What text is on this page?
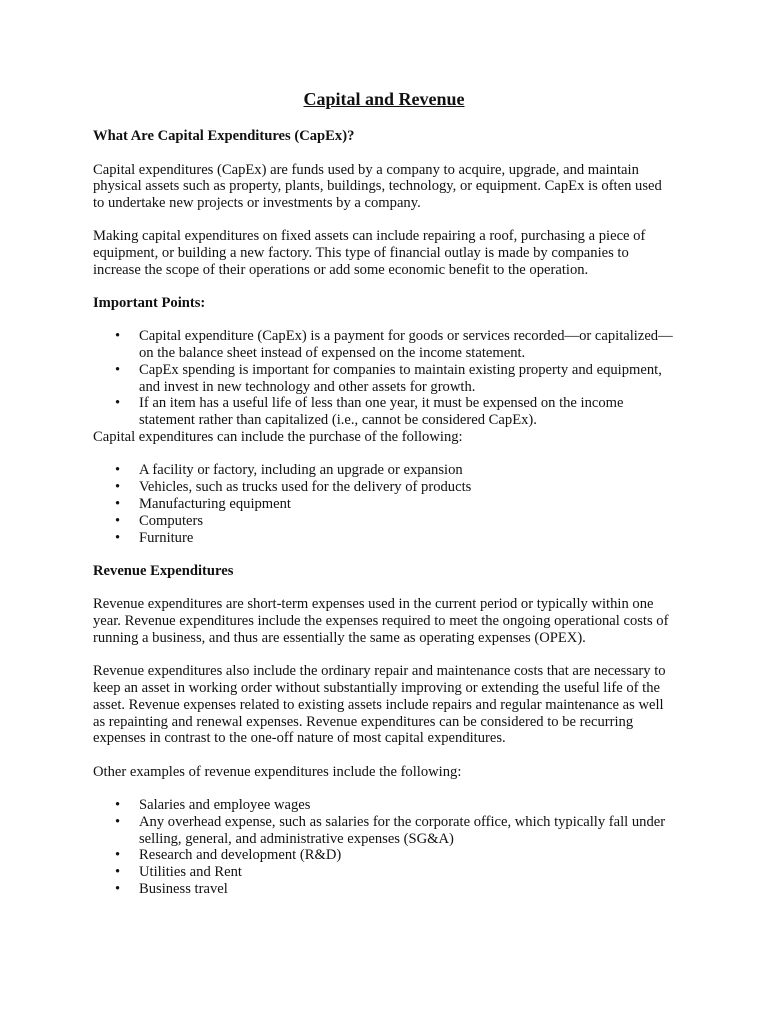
Capital and Revenue
What Are Capital Expenditures (CapEx)?

Capital expenditures (CapEx) are funds used by a company to acquire, upgrade, and maintain physical assets such as property, plants, buildings, technology, or equipment. CapEx is often used to undertake new projects or investments by a company.

Making capital expenditures on fixed assets can include repairing a roof, purchasing a piece of equipment, or building a new factory. This type of financial outlay is made by companies to increase the scope of their operations or add some economic benefit to the operation.

Important Points:
• Capital expenditure (CapEx) is a payment for goods or services recorded—or capitalized—on the balance sheet instead of expensed on the income statement.
• CapEx spending is important for companies to maintain existing property and equipment, and invest in new technology and other assets for growth.
• If an item has a useful life of less than one year, it must be expensed on the income statement rather than capitalized (i.e., cannot be considered CapEx).

Capital expenditures can include the purchase of the following:

• A facility or factory, including an upgrade or expansion
• Vehicles, such as trucks used for the delivery of products
• Manufacturing equipment
• Computers
• Furniture
Revenue Expenditures

Revenue expenditures are short-term expenses used in the current period or typically within one year. Revenue expenditures include the expenses required to meet the ongoing operational costs of running a business, and thus are essentially the same as operating expenses (OPEX).

Revenue expenditures also include the ordinary repair and maintenance costs that are necessary to keep an asset in working order without substantially improving or extending the useful life of the asset. Revenue expenses related to existing assets include repairs and regular maintenance as well as repainting and renewal expenses. Revenue expenditures can be considered to be recurring expenses in contrast to the one-off nature of most capital expenditures.

Other examples of revenue expenditures include the following:

• Salaries and employee wages
• Any overhead expense, such as salaries for the corporate office, which typically fall under selling, general, and administrative expenses (SG&A)
• Research and development (R&D)
• Utilities and Rent
• Business travel
